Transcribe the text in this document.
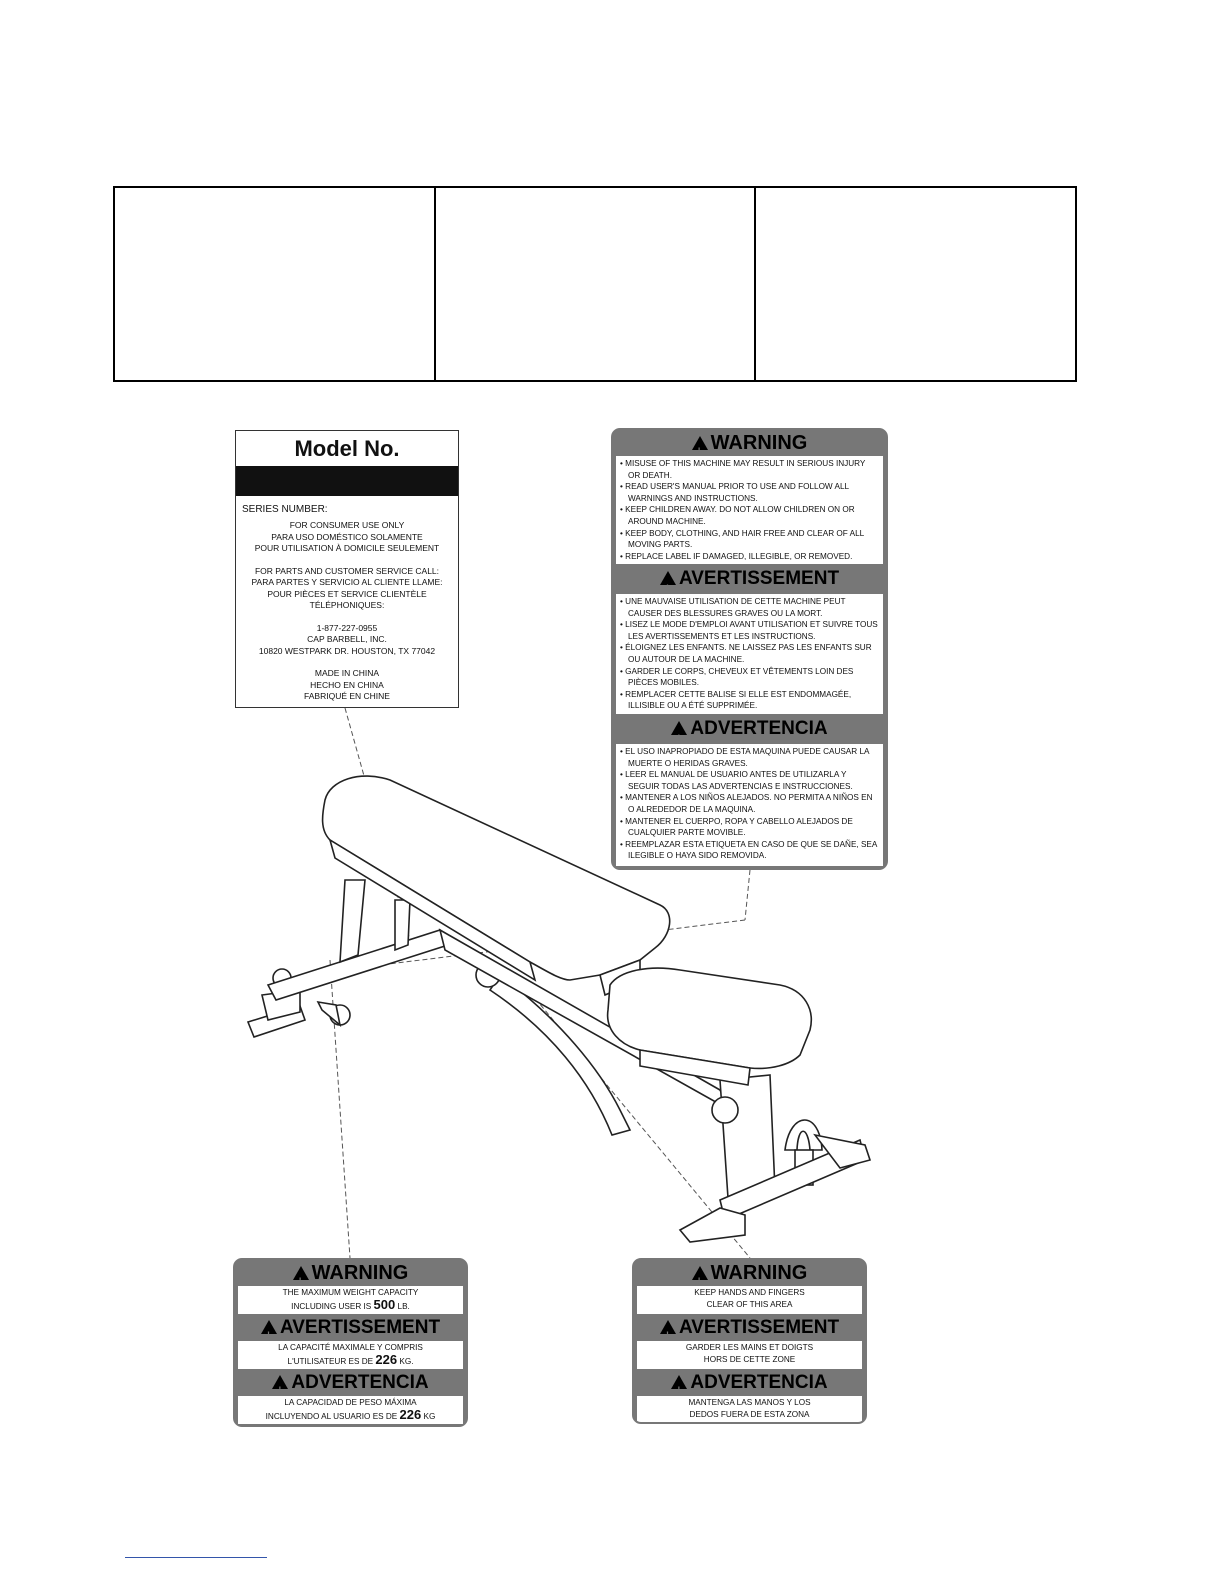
Model No.
SERIES NUMBER:
FOR CONSUMER USE ONLY
PARA USO DOMÉSTICO SOLAMENTE
POUR UTILISATION À DOMICILE SEULEMENT
FOR PARTS AND CUSTOMER SERVICE CALL:
PARA PARTES Y SERVICIO AL CLIENTE LLAME:
POUR PIÈCES ET SERVICE CLIENTÈLE
TÉLÉPHONIQUES:
1-877-227-0955
CAP BARBELL, INC.
10820 WESTPARK DR. HOUSTON, TX 77042
MADE IN CHINA
HECHO EN CHINA
FABRIQUÉ EN CHINE
!WARNING
• MISUSE OF THIS MACHINE MAY RESULT IN SERIOUS INJURY OR DEATH.
• READ USER'S MANUAL PRIOR TO USE AND FOLLOW ALL WARNINGS AND INSTRUCTIONS.
• KEEP CHILDREN AWAY. DO NOT ALLOW CHILDREN ON OR AROUND MACHINE.
• KEEP BODY, CLOTHING, AND HAIR FREE AND CLEAR OF ALL MOVING PARTS.
• REPLACE LABEL IF DAMAGED, ILLEGIBLE, OR REMOVED.
!AVERTISSEMENT
• UNE MAUVAISE UTILISATION DE CETTE MACHINE PEUT CAUSER DES BLESSURES GRAVES OU LA MORT.
• LISEZ LE MODE D'EMPLOI AVANT UTILISATION ET SUIVRE TOUS LES AVERTISSEMENTS ET LES INSTRUCTIONS.
• ÉLOIGNEZ LES ENFANTS. NE LAISSEZ PAS LES ENFANTS SUR OU AUTOUR DE LA MACHINE.
• GARDER LE CORPS, CHEVEUX ET VÊTEMENTS LOIN DES PIÈCES MOBILES.
• REMPLACER CETTE BALISE SI ELLE EST ENDOMMAGÉE, ILLISIBLE OU A ÉTÉ SUPPRIMÉE.
!ADVERTENCIA
• EL USO INAPROPIADO DE ESTA MAQUINA PUEDE CAUSAR LA MUERTE O HERIDAS GRAVES.
• LEER EL MANUAL DE USUARIO ANTES DE UTILIZARLA Y SEGUIR TODAS LAS ADVERTENCIAS E INSTRUCCIONES.
• MANTENER A LOS NIÑOS ALEJADOS. NO PERMITA A NIÑOS EN O ALREDEDOR DE LA MAQUINA.
• MANTENER EL CUERPO, ROPA Y CABELLO ALEJADOS DE CUALQUIER PARTE MOVIBLE.
• REEMPLAZAR ESTA ETIQUETA EN CASO DE QUE SE DAÑE, SEA ILEGIBLE O HAYA SIDO REMOVIDA.
!WARNING
THE MAXIMUM WEIGHT CAPACITY
INCLUDING USER IS 500 LB.
!AVERTISSEMENT
LA CAPACITÉ MAXIMALE Y COMPRIS
L'UTILISATEUR ES DE 226 KG.
!ADVERTENCIA
LA CAPACIDAD DE PESO MÁXIMA
INCLUYENDO AL USUARIO ES DE 226 KG
!WARNING
KEEP HANDS AND FINGERS
CLEAR OF THIS AREA
!AVERTISSEMENT
GARDER LES MAINS ET DOIGTS
HORS DE CETTE ZONE
!ADVERTENCIA
MANTENGA LAS MANOS Y LOS
DEDOS FUERA DE ESTA ZONA
